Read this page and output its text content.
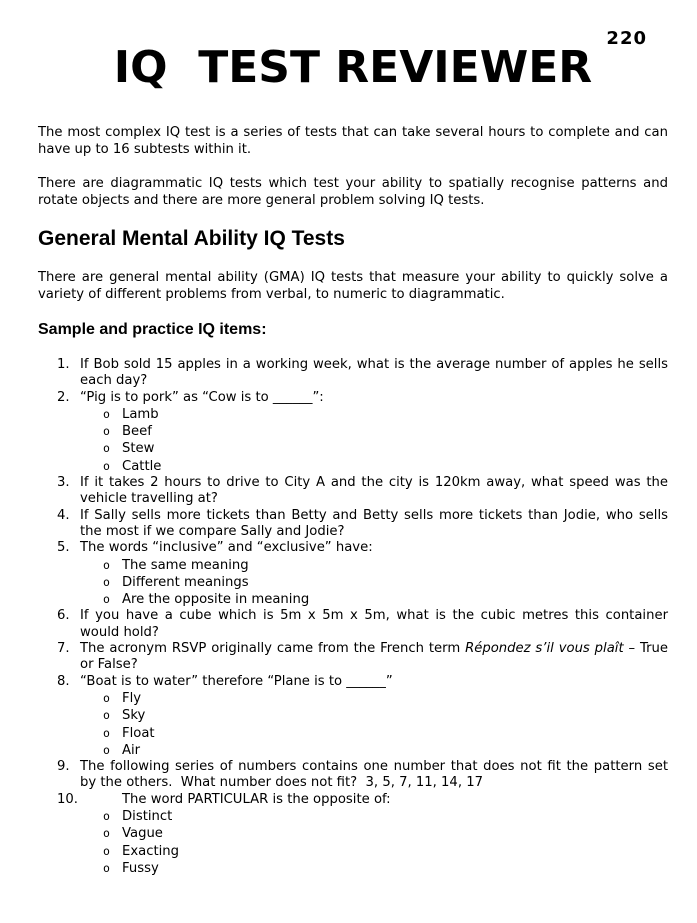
220
IQ  TEST REVIEWER

The most complex IQ test is a series of tests that can take several hours to complete and can have up to 16 subtests within it.

There are diagrammatic IQ tests which test your ability to spatially recognise patterns and rotate objects and there are more general problem solving IQ tests.

General Mental Ability IQ Tests

There are general mental ability (GMA) IQ tests that measure your ability to quickly solve a variety of different problems from verbal, to numeric to diagrammatic.

Sample and practice IQ items:
1. If Bob sold 15 apples in a working week, what is the average number of apples he sells each day?
2. “Pig is to pork” as “Cow is to ______”:
o Lamb
o Beef
o Stew
o Cattle
3. If it takes 2 hours to drive to City A and the city is 120km away, what speed was the vehicle travelling at?
4. If Sally sells more tickets than Betty and Betty sells more tickets than Jodie, who sells the most if we compare Sally and Jodie?
5. The words “inclusive” and “exclusive” have:
o The same meaning
o Different meanings
o Are the opposite in meaning
6. If you have a cube which is 5m x 5m x 5m, what is the cubic metres this container would hold?
7. The acronym RSVP originally came from the French term Répondez s’il vous plaît – True or False?
8. “Boat is to water” therefore “Plane is to ______”
o Fly
o Sky
o Float
o Air
9. The following series of numbers contains one number that does not fit the pattern set by the others.  What number does not fit?  3, 5, 7, 11, 14, 17
10.	The word PARTICULAR is the opposite of:
o Distinct
o Vague
o Exacting
o Fussy
